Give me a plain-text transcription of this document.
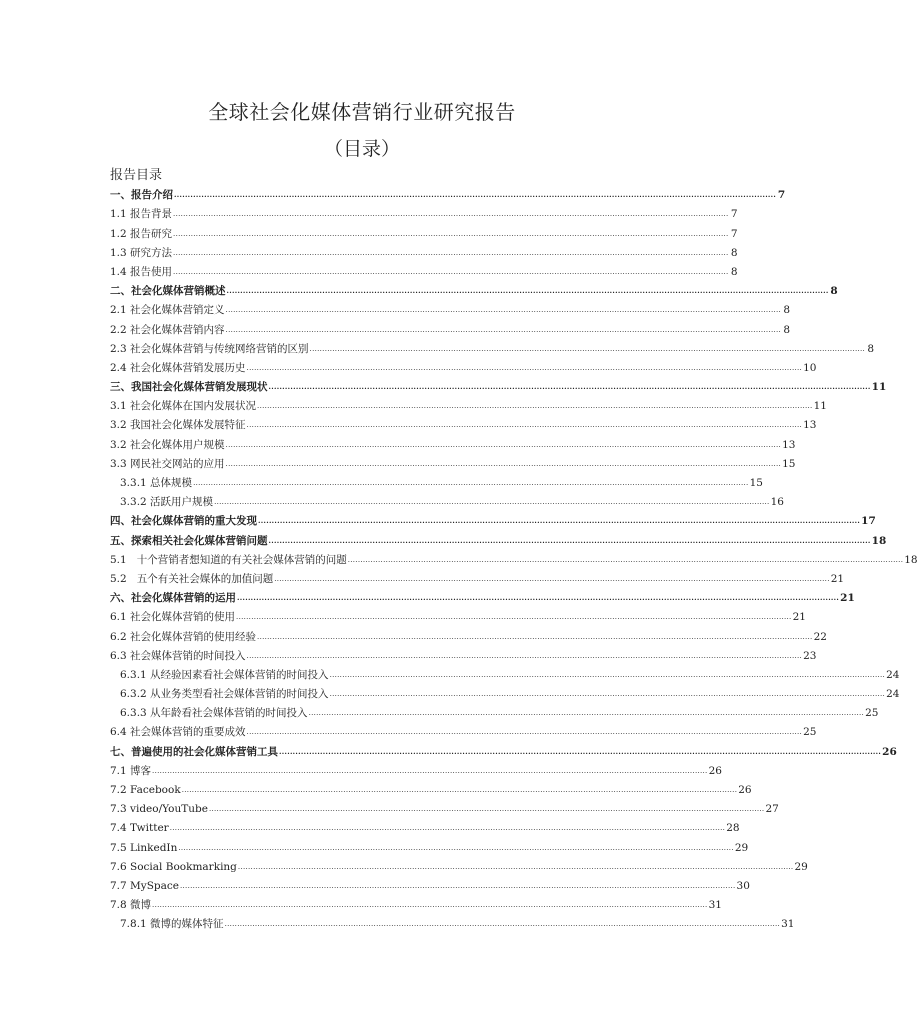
全球社会化媒体营销行业研究报告
（目录）
报告目录
一、报告介绍 ............................................................................................................................................................................................................................ 7
1.1 报告背景 ............................................................................................................................................................................................................................ 7
1.2 报告研究 ............................................................................................................................................................................................................................ 7
1.3 研究方法 ............................................................................................................................................................................................................................ 8
1.4 报告使用 ............................................................................................................................................................................................................................ 8
二、社会化媒体营销概述 ............................................................................................................................................................................................................................ 8
2.1 社会化媒体营销定义 ............................................................................................................................................................................................................................ 8
2.2 社会化媒体营销内容 ............................................................................................................................................................................................................................ 8
2.3 社会化媒体营销与传统网络营销的区别 ............................................................................................................................................................................................................................ 8
2.4 社会化媒体营销发展历史 ............................................................................................................................................................................................................................ 10
三、我国社会化媒体营销发展现状 ............................................................................................................................................................................................................................ 11
3.1 社会化媒体在国内发展状况 ............................................................................................................................................................................................................................ 11
3.2 我国社会化媒体发展特征 ............................................................................................................................................................................................................................ 13
3.2 社会化媒体用户规模 ............................................................................................................................................................................................................................ 13
3.3 网民社交网站的应用 ............................................................................................................................................................................................................................ 15
3.3.1 总体规模 ............................................................................................................................................................................................................................ 15
3.3.2 活跃用户规模 ............................................................................................................................................................................................................................ 16
四、社会化媒体营销的重大发现 ............................................................................................................................................................................................................................ 17
五、探索相关社会化媒体营销问题 ............................................................................................................................................................................................................................ 18
5.1   十个营销者想知道的有关社会媒体营销的问题 ............................................................................................................................................................................................................................ 18
5.2   五个有关社会媒体的加值问题 ............................................................................................................................................................................................................................ 21
六、社会化媒体营销的运用 ............................................................................................................................................................................................................................ 21
6.1 社会化媒体营销的使用 ............................................................................................................................................................................................................................ 21
6.2 社会化媒体营销的使用经验 ............................................................................................................................................................................................................................ 22
6.3 社会媒体营销的时间投入 ............................................................................................................................................................................................................................ 23
6.3.1 从经验因素看社会媒体营销的时间投入 ............................................................................................................................................................................................................................ 24
6.3.2 从业务类型看社会媒体营销的时间投入 ............................................................................................................................................................................................................................ 24
6.3.3 从年龄看社会媒体营销的时间投入 ............................................................................................................................................................................................................................ 25
6.4 社会媒体营销的重要成效 ............................................................................................................................................................................................................................ 25
七、普遍使用的社会化媒体营销工具 ............................................................................................................................................................................................................................ 26
7.1 博客 ............................................................................................................................................................................................................................ 26
7.2 Facebook ............................................................................................................................................................................................................................ 26
7.3 video/YouTube ............................................................................................................................................................................................................................ 27
7.4 Twitter ............................................................................................................................................................................................................................ 28
7.5 LinkedIn ............................................................................................................................................................................................................................ 29
7.6 Social Bookmarking ............................................................................................................................................................................................................................ 29
7.7 MySpace ............................................................................................................................................................................................................................ 30
7.8 微博 ............................................................................................................................................................................................................................ 31
7.8.1 微博的媒体特征 ............................................................................................................................................................................................................................ 31
